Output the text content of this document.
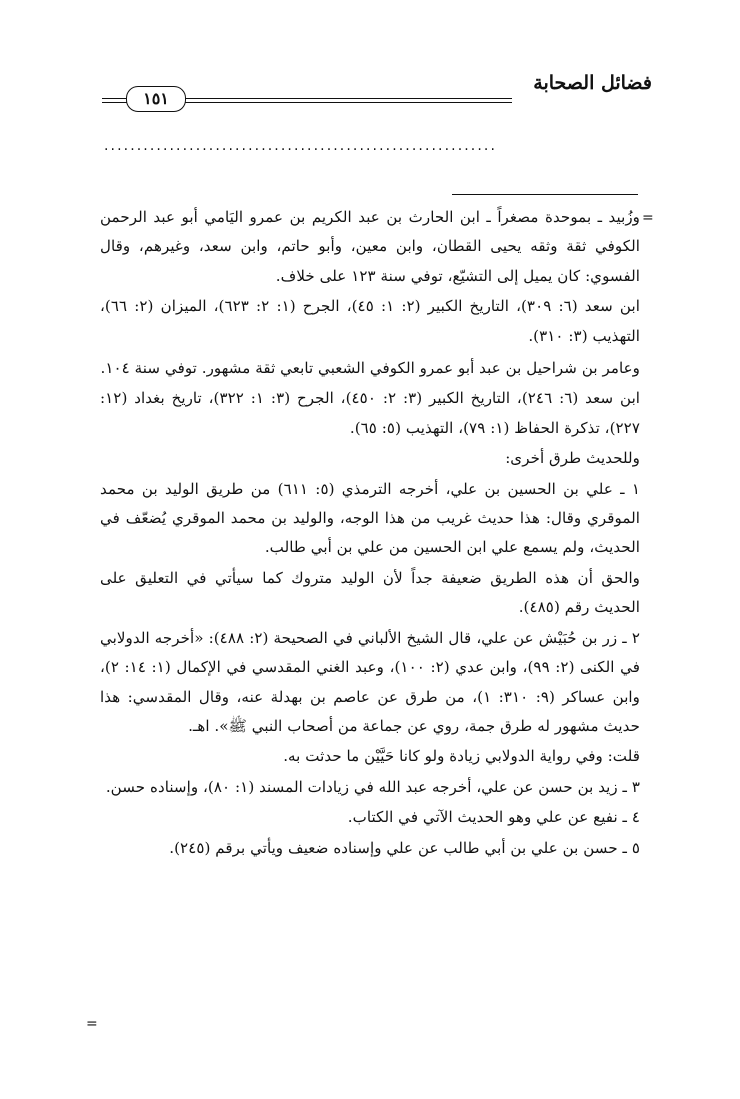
فضائل الصحابة
١٥١
............................................................
=
=

وزُبيد ـ بموحدة مصغراً ـ ابن الحارث بن عبد الكريم بن عمرو اليَامي أبو عبد الرحمن الكوفي ثقة وثقه يحيى القطان، وابن معين، وأبو حاتم، وابن سعد، وغيرهم، وقال الفسوي: كان يميل إلى التشيّع، توفي سنة ١٢٣ على خلاف.

ابن سعد (٦: ٣٠٩)، التاريخ الكبير (٢: ١: ٤٥)، الجرح (١: ٢: ٦٢٣)، الميزان (٢: ٦٦)، التهذيب (٣: ٣١٠).

وعامر بن شراحيل بن عبد أبو عمرو الكوفي الشعبي تابعي ثقة مشهور. توفي سنة ١٠٤.

ابن سعد (٦: ٢٤٦)، التاريخ الكبير (٣: ٢: ٤٥٠)، الجرح (٣: ١: ٣٢٢)، تاريخ بغداد (١٢: ٢٢٧)، تذكرة الحفاظ (١: ٧٩)، التهذيب (٥: ٦٥).

وللحديث طرق أخرى:

١ ـ علي بن الحسين بن علي، أخرجه الترمذي (٥: ٦١١) من طريق الوليد بن محمد الموقري وقال: هذا حديث غريب من هذا الوجه، والوليد بن محمد الموقري يُضعّف في الحديث، ولم يسمع علي ابن الحسين من علي بن أبي طالب.

والحق أن هذه الطريق ضعيفة جداً لأن الوليد متروك كما سيأتي في التعليق على الحديث رقم (٤٨٥).

٢ ـ زر بن حُبَيْش عن علي، قال الشيخ الألباني في الصحيحة (٢: ٤٨٨): «أخرجه الدولابي في الكنى (٢: ٩٩)، وابن عدي (٢: ١٠٠)، وعبد الغني المقدسي في الإكمال (١: ١٤: ٢)، وابن عساكر (٩: ٣١٠: ١)، من طرق عن عاصم بن بهدلة عنه، وقال المقدسي: هذا حديث مشهور له طرق جمة، روي عن جماعة من أصحاب النبي ﷺ». اهـ.

قلت: وفي رواية الدولابي زيادة ولو كانا حَيَّيْن ما حدثت به.

٣ ـ زيد بن حسن عن علي، أخرجه عبد الله في زيادات المسند (١: ٨٠)، وإسناده حسن.

٤ ـ نفيع عن علي وهو الحديث الآتي في الكتاب.

٥ ـ حسن بن علي بن أبي طالب عن علي وإسناده ضعيف ويأتي برقم (٢٤٥).
